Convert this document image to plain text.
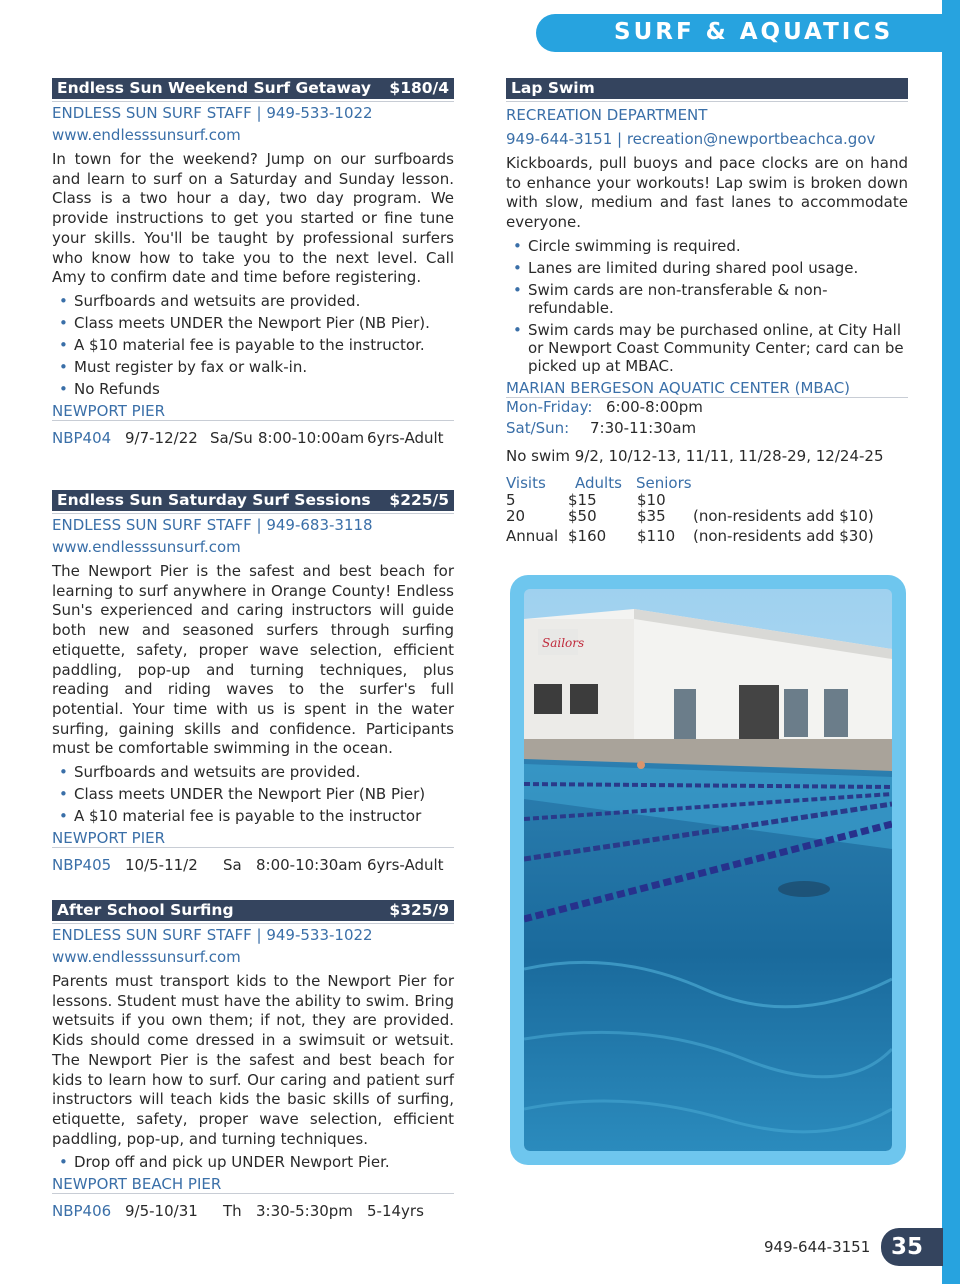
SURF & AQUATICS
Endless Sun Weekend Surf Getaway $180/4
ENDLESS SUN SURF STAFF | 949-533-1022
www.endlesssunsurf.com
In town for the weekend? Jump on our surfboards and learn to surf on a Saturday and Sunday lesson. Class is a two hour a day, two day program. We provide instructions to get you started or fine tune your skills. You'll be taught by professional surfers who know how to take you to the next level. Call Amy to confirm date and time before registering.
• Surfboards and wetsuits are provided.
• Class meets UNDER the Newport Pier (NB Pier).
• A $10 material fee is payable to the instructor.
• Must register by fax or walk-in.
• No Refunds
NEWPORT PIER
NBP404 9/7-12/22 Sa/Su 8:00-10:00am 6yrs-Adult
Endless Sun Saturday Surf Sessions $225/5
ENDLESS SUN SURF STAFF | 949-683-3118
www.endlesssunsurf.com
The Newport Pier is the safest and best beach for learning to surf anywhere in Orange County! Endless Sun's experienced and caring instructors will guide both new and seasoned surfers through surfing etiquette, safety, proper wave selection, efficient paddling, pop-up and turning techniques, plus reading and riding waves to the surfer's full potential. Your time with us is spent in the water surfing, gaining skills and confidence. Participants must be comfortable swimming in the ocean.
• Surfboards and wetsuits are provided.
• Class meets UNDER the Newport Pier (NB Pier)
• A $10 material fee is payable to the instructor
NEWPORT PIER
NBP405 10/5-11/2 Sa 8:00-10:30am 6yrs-Adult
After School Surfing	$325/9
ENDLESS SUN SURF STAFF | 949-533-1022
www.endlesssunsurf.com
Parents must transport kids to the Newport Pier for lessons. Student must have the ability to swim. Bring wetsuits if you own them; if not, they are provided. Kids should come dressed in a swimsuit or wetsuit. The Newport Pier is the safest and best beach for kids to learn how to surf. Our caring and patient surf instructors will teach kids the basic skills of surfing, etiquette, safety, proper wave selection, efficient paddling, pop-up, and turning techniques.
• Drop off and pick up UNDER Newport Pier.
NEWPORT BEACH PIER
NBP406 9/5-10/31 Th 3:30-5:30pm 5-14yrs
Lap Swim
RECREATION DEPARTMENT
949-644-3151 | recreation@newportbeachca.gov
Kickboards, pull buoys and pace clocks are on hand to enhance your workouts! Lap swim is broken down with slow, medium and fast lanes to accommodate everyone.
• Circle swimming is required.
• Lanes are limited during shared pool usage.
• Swim cards are non-transferable & non-refundable.
• Swim cards may be purchased online, at City Hall or Newport Coast Community Center; card can be picked up at MBAC.
MARIAN BERGESON AQUATIC CENTER (MBAC)
Mon-Friday: 6:00-8:00pm
Sat/Sun: 7:30-11:30am
No swim 9/2, 10/12-13, 11/11, 11/28-29, 12/24-25
Visits Adults Seniors
5	$15	$10
20	$50	$35 (non-residents add $10)
Annual $160 $110 (non-residents add $30)
Sailors
949-644-3151 35
